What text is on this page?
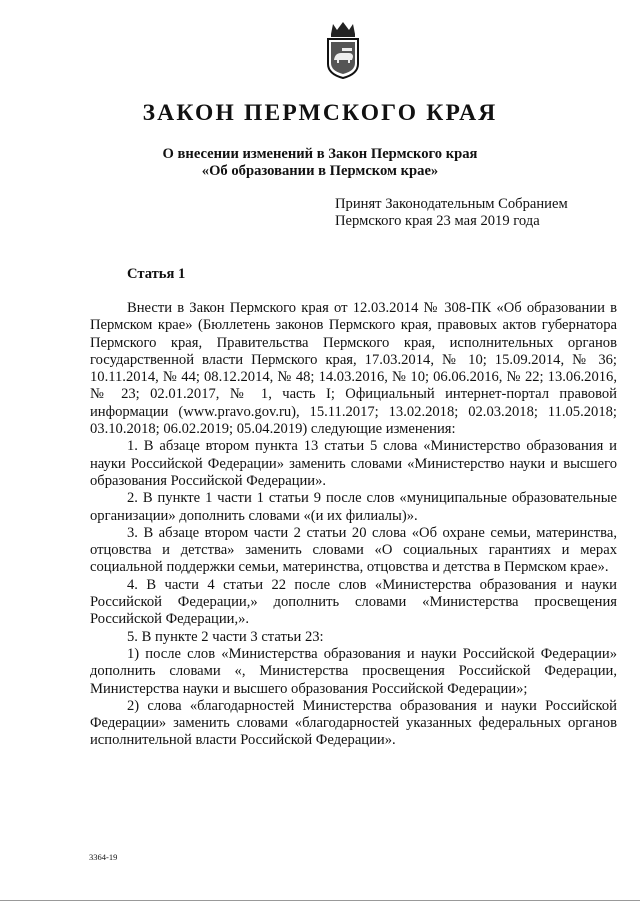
ЗАКОН ПЕРМСКОГО КРАЯ
О внесении изменений в Закон Пермского края
«Об образовании в Пермском крае»
Принят Законодательным Собранием
Пермского края 23 мая 2019 года
Статья 1

Внести в Закон Пермского края от 12.03.2014 № 308-ПК «Об образовании в Пермском крае» (Бюллетень законов Пермского края, правовых актов губернатора Пермского края, Правительства Пермского края, исполнительных органов государственной власти Пермского края, 17.03.2014, № 10; 15.09.2014, № 36; 10.11.2014, № 44; 08.12.2014, № 48; 14.03.2016, № 10; 06.06.2016, № 22; 13.06.2016, № 23; 02.01.2017, № 1, часть I; Официальный интернет-портал правовой информации (www.pravo.gov.ru), 15.11.2017; 13.02.2018; 02.03.2018; 11.05.2018; 03.10.2018; 06.02.2019; 05.04.2019) следующие изменения:

1. В абзаце втором пункта 13 статьи 5 слова «Министерство образования и науки Российской Федерации» заменить словами «Министерство науки и высшего образования Российской Федерации».

2. В пункте 1 части 1 статьи 9 после слов «муниципальные образовательные организации» дополнить словами «(и их филиалы)».

3. В абзаце втором части 2 статьи 20 слова «Об охране семьи, материнства, отцовства и детства» заменить словами «О социальных гарантиях и мерах социальной поддержки семьи, материнства, отцовства и детства в Пермском крае».

4. В части 4 статьи 22 после слов «Министерства образования и науки Российской Федерации,» дополнить словами «Министерства просвещения Российской Федерации,».

5. В пункте 2 части 3 статьи 23:

1) после слов «Министерства образования и науки Российской Федерации» дополнить словами «, Министерства просвещения Российской Федерации, Министерства науки и высшего образования Российской Федерации»;

2) слова «благодарностей Министерства образования и науки Российской Федерации» заменить словами «благодарностей указанных федеральных органов исполнительной власти Российской Федерации».

3364-19
